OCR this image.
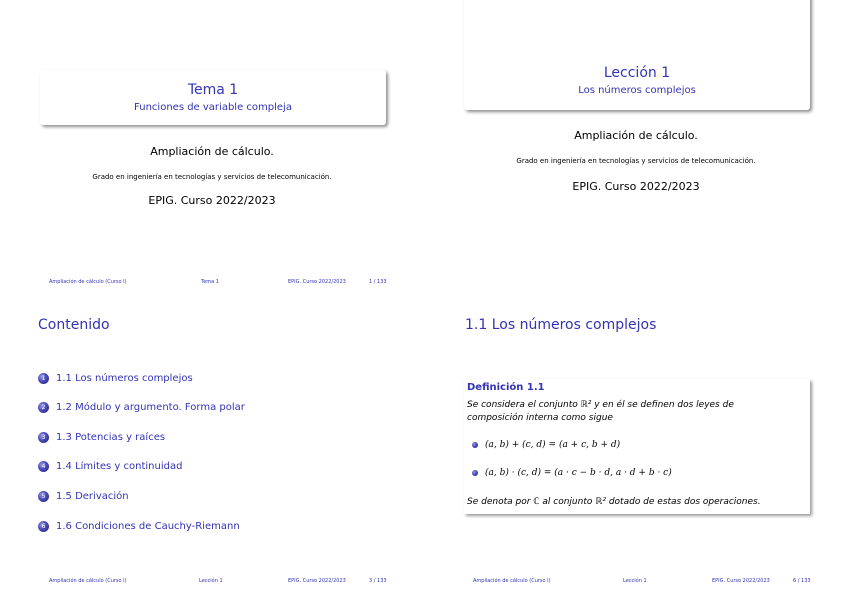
Tema 1
Funciones de variable compleja
Ampliación de cálculo.
Grado en ingeniería en tecnologías y servicios de telecomunicación.
EPIG. Curso 2022/2023
Ampliación de cálculo (Curso I)	Tema 1	EPIG. Curso 2022/2023	1 / 133
Lección 1
Los números complejos
Ampliación de cálculo.
Grado en ingeniería en tecnologías y servicios de telecomunicación.
EPIG. Curso 2022/2023
Contenido
1	1.1 Los números complejos
2	1.2 Módulo y argumento. Forma polar
3	1.3 Potencias y raíces
4	1.4 Límites y continuidad
5	1.5 Derivación
6	1.6 Condiciones de Cauchy-Riemann
Ampliación de cálculo (Curso I)	Lección 1	EPIG. Curso 2022/2023	3 / 133
1.1 Los números complejos
Definición 1.1
Se considera el conjunto ℝ² y en él se definen dos leyes de
composición interna como sigue
(a, b) + (c, d) = (a + c, b + d)
(a, b) · (c, d) = (a · c − b · d, a · d + b · c)
Se denota por ℂ al conjunto ℝ² dotado de estas dos operaciones.
Ampliación de cálculo (Curso I)	Lección 1	EPIG. Curso 2022/2023	6 / 133
